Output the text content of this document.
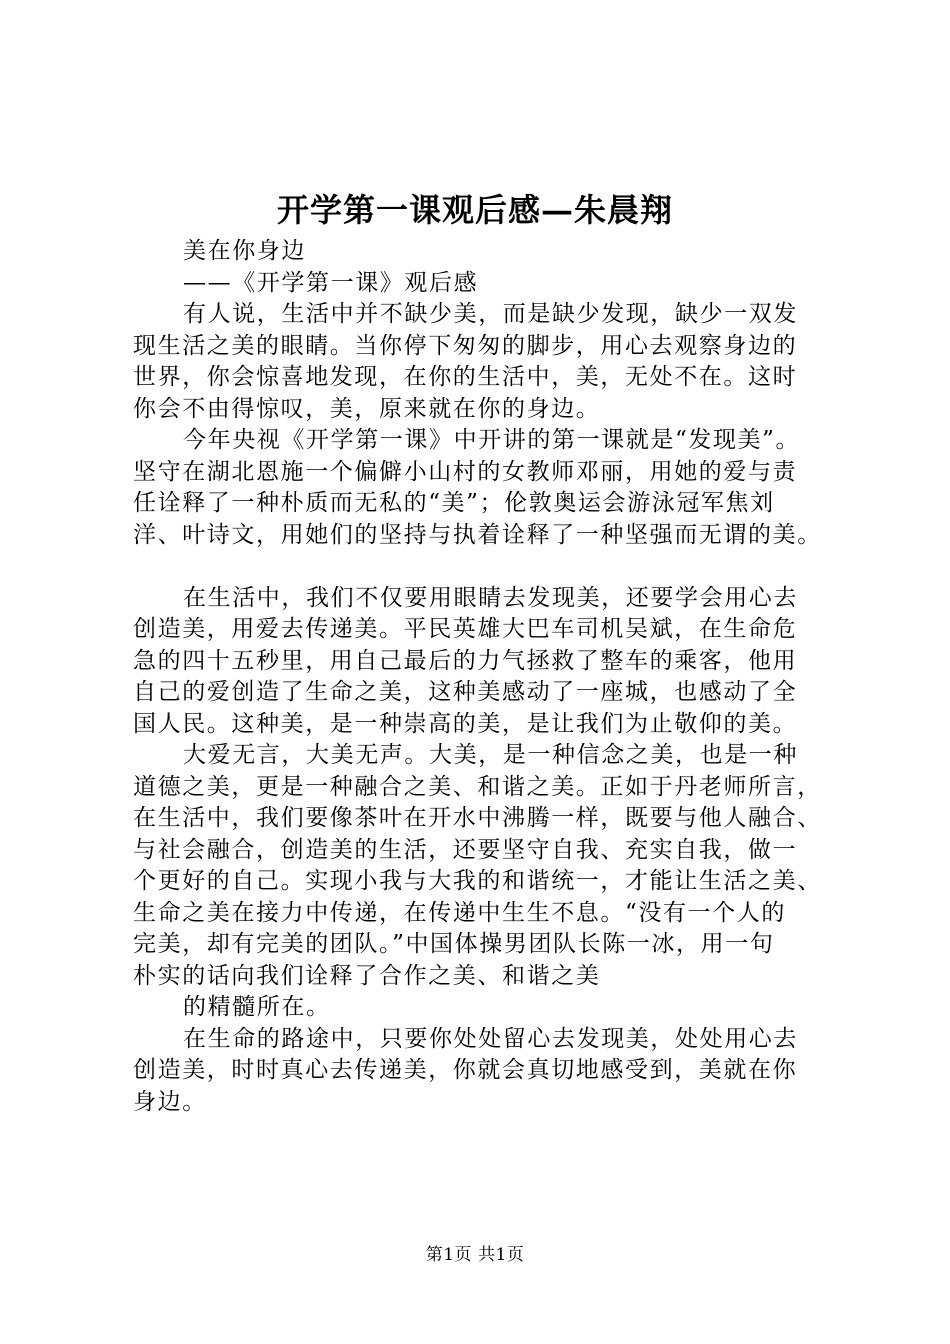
开学第一课观后感—朱晨翔
美在你身边
——《开学第一课》观后感
有人说，生活中并不缺少美，而是缺少发现，缺少一双发
现生活之美的眼睛。当你停下匆匆的脚步，用心去观察身边的
世界，你会惊喜地发现，在你的生活中，美，无处不在。这时
你会不由得惊叹，美，原来就在你的身边。
今年央视《开学第一课》中开讲的第一课就是“发现美”。
坚守在湖北恩施一个偏僻小山村的女教师邓丽，用她的爱与责
任诠释了一种朴质而无私的“美”；伦敦奥运会游泳冠军焦刘
洋、叶诗文，用她们的坚持与执着诠释了一种坚强而无谓的美。
在生活中，我们不仅要用眼睛去发现美，还要学会用心去
创造美，用爱去传递美。平民英雄大巴车司机吴斌，在生命危
急的四十五秒里，用自己最后的力气拯救了整车的乘客，他用
自己的爱创造了生命之美，这种美感动了一座城，也感动了全
国人民。这种美，是一种崇高的美，是让我们为止敬仰的美。
大爱无言，大美无声。大美，是一种信念之美，也是一种
道德之美，更是一种融合之美、和谐之美。正如于丹老师所言，
在生活中，我们要像茶叶在开水中沸腾一样，既要与他人融合、
与社会融合，创造美的生活，还要坚守自我、充实自我，做一
个更好的自己。实现小我与大我的和谐统一，才能让生活之美、
生命之美在接力中传递，在传递中生生不息。“没有一个人的
完美，却有完美的团队。”中国体操男团队长陈一冰，用一句
朴实的话向我们诠释了合作之美、和谐之美
的精髓所在。
在生命的路途中，只要你处处留心去发现美，处处用心去
创造美，时时真心去传递美，你就会真切地感受到，美就在你
身边。
第1页 共1页
